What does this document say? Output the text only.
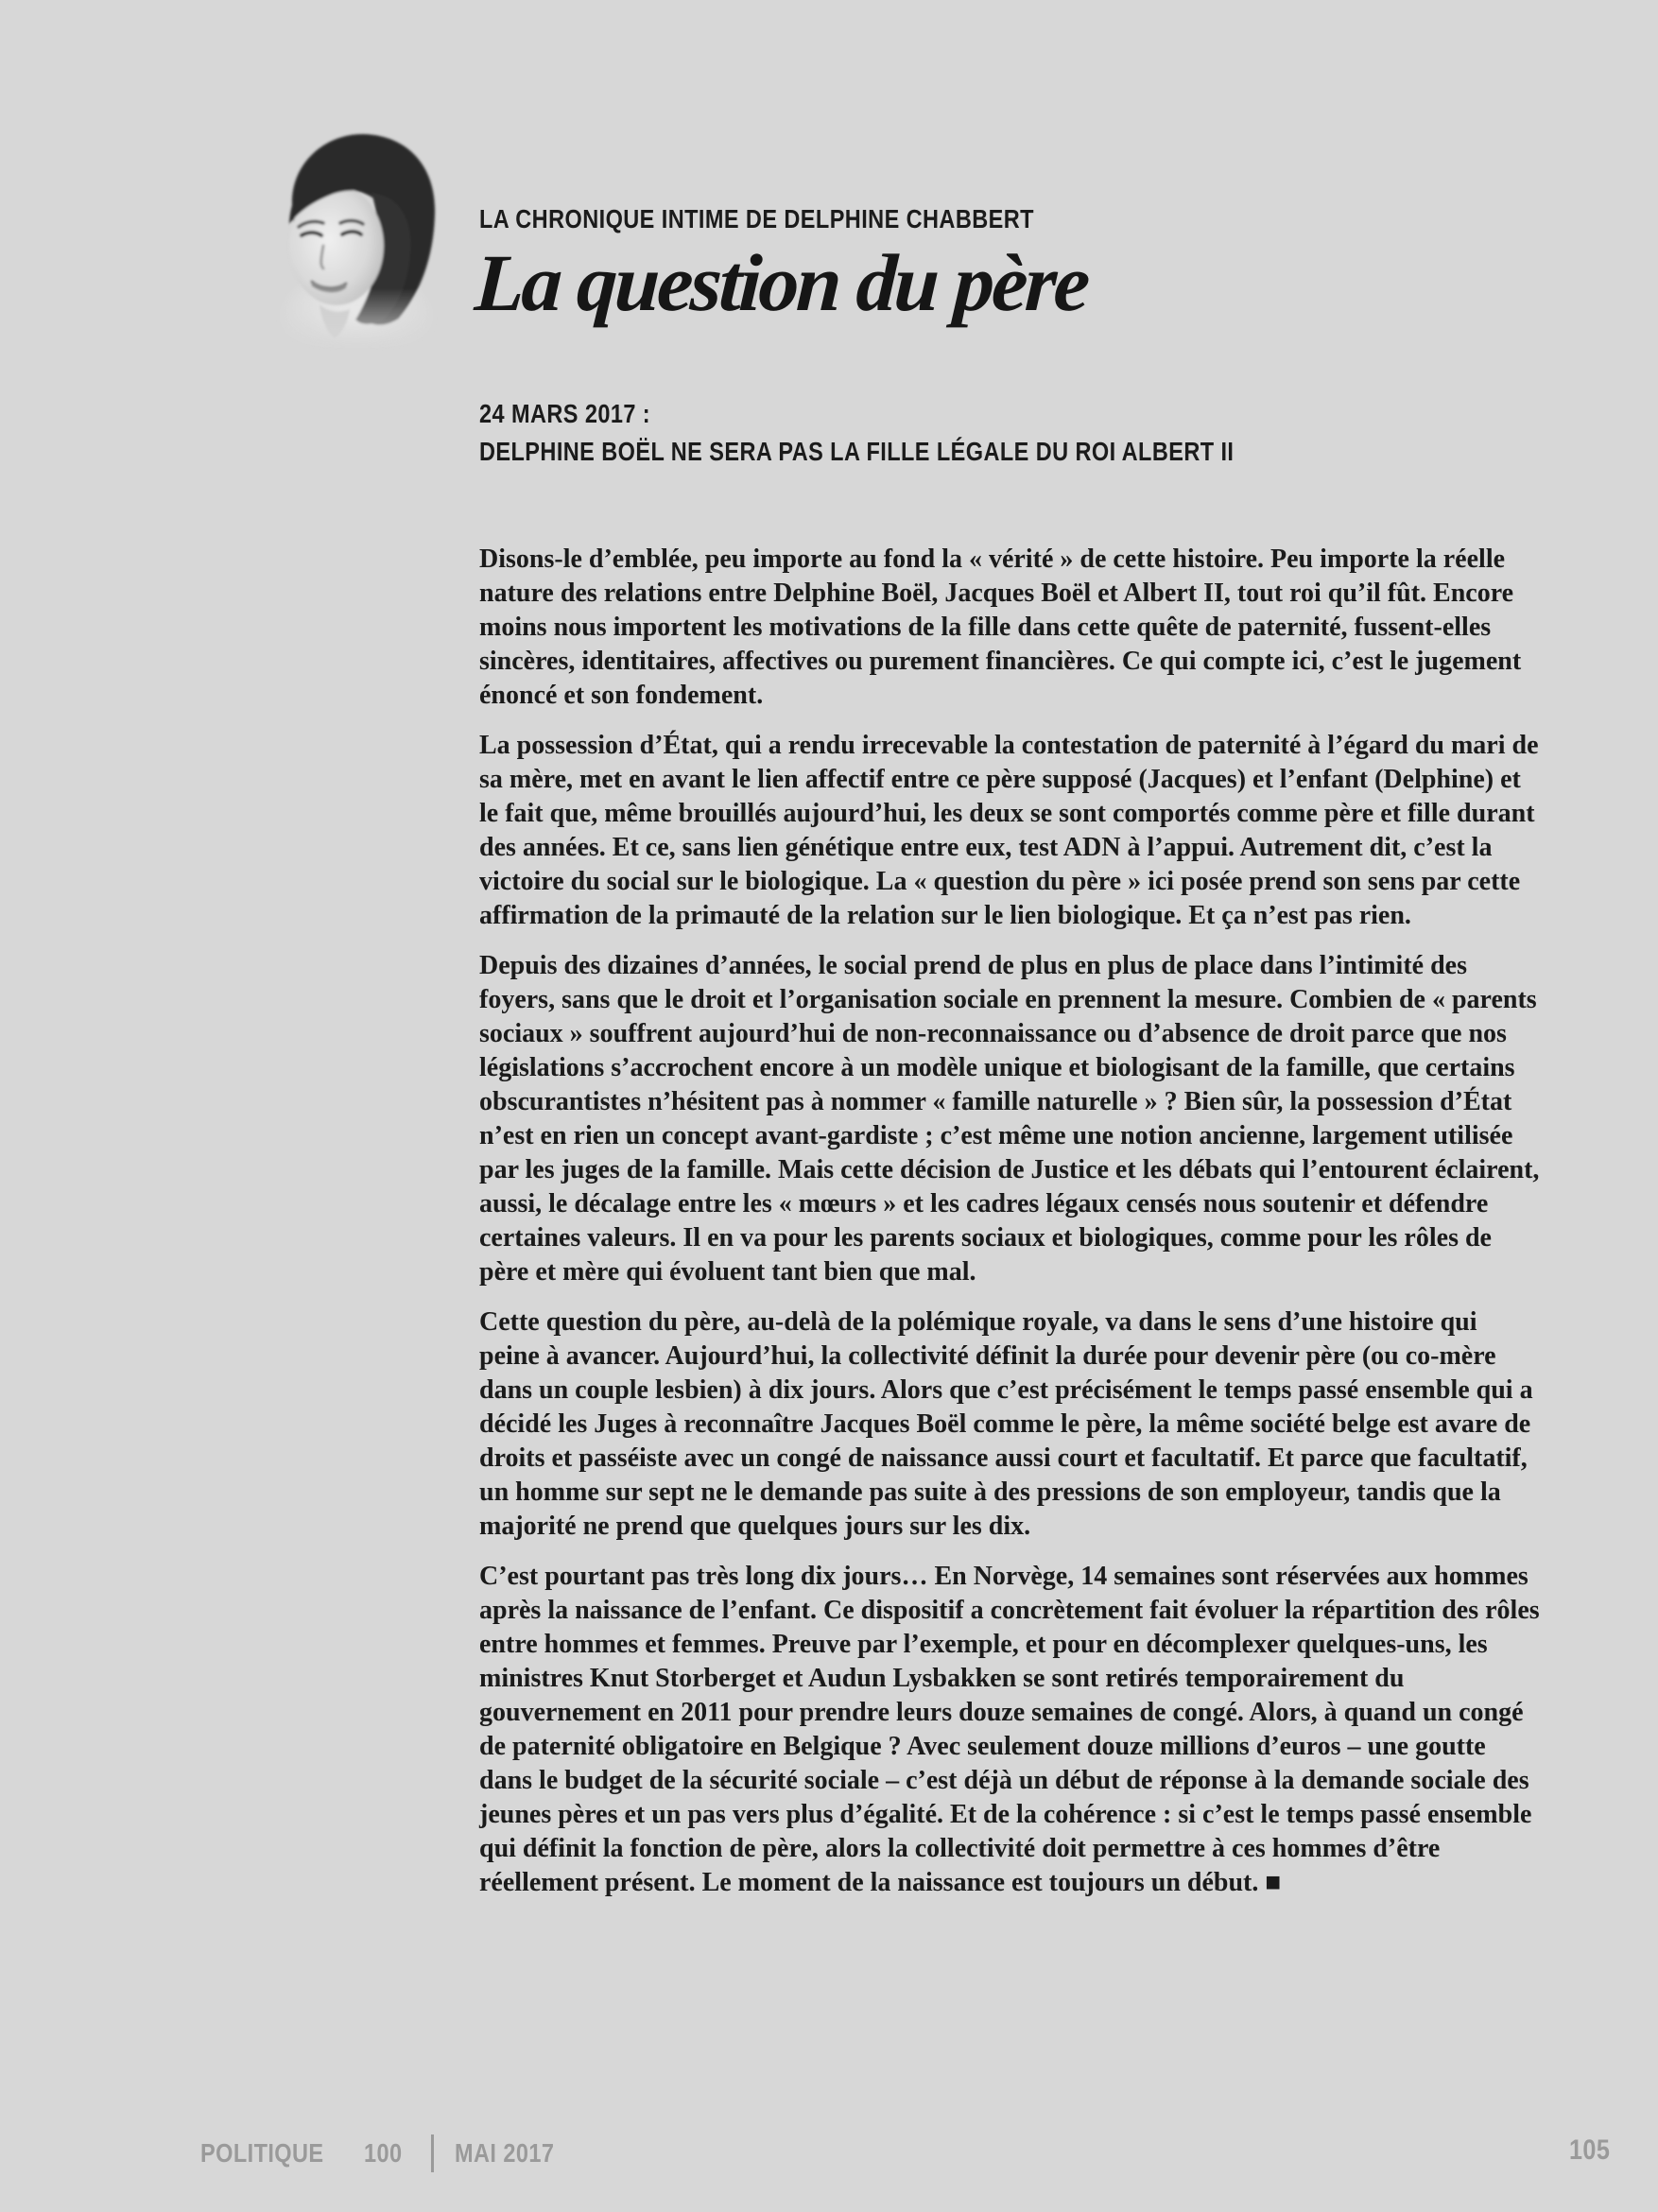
LA CHRONIQUE INTIME DE DELPHINE CHABBERT
La question du père
24 MARS 2017 :
DELPHINE BOËL NE SERA PAS LA FILLE LÉGALE DU ROI ALBERT II

Disons-le d’emblée, peu importe au fond la « vérité » de cette histoire. Peu importe la réelle nature des relations entre Delphine Boël, Jacques Boël et Albert II, tout roi qu’il fût. Encore moins nous importent les motivations de la fille dans cette quête de paternité, fussent-elles sincères, identitaires, affectives ou purement financières. Ce qui compte ici, c’est le jugement énoncé et son fondement.

La possession d’État, qui a rendu irrecevable la contestation de paternité à l’égard du mari de sa mère, met en avant le lien affectif entre ce père supposé (Jacques) et l’enfant (Delphine) et le fait que, même brouillés aujourd’hui, les deux se sont comportés comme père et fille durant des années. Et ce, sans lien génétique entre eux, test ADN à l’appui. Autrement dit, c’est la victoire du social sur le biologique. La « question du père » ici posée prend son sens par cette affirmation de la primauté de la relation sur le lien biologique. Et ça n’est pas rien.

Depuis des dizaines d’années, le social prend de plus en plus de place dans l’intimité des foyers, sans que le droit et l’organisation sociale en prennent la mesure. Combien de « parents sociaux » souffrent aujourd’hui de non-reconnaissance ou d’absence de droit parce que nos législations s’accrochent encore à un modèle unique et biologisant de la famille, que certains obscurantistes n’hésitent pas à nommer « famille naturelle » ? Bien sûr, la possession d’État n’est en rien un concept avant-gardiste ; c’est même une notion ancienne, largement utilisée par les juges de la famille. Mais cette décision de Justice et les débats qui l’entourent éclairent, aussi, le décalage entre les « mœurs » et les cadres légaux censés nous soutenir et défendre certaines valeurs. Il en va pour les parents sociaux et biologiques, comme pour les rôles de père et mère qui évoluent tant bien que mal.

Cette question du père, au-delà de la polémique royale, va dans le sens d’une histoire qui peine à avancer. Aujourd’hui, la collectivité définit la durée pour devenir père (ou co-mère dans un couple lesbien) à dix jours. Alors que c’est précisément le temps passé ensemble qui a décidé les Juges à reconnaître Jacques Boël comme le père, la même société belge est avare de droits et passéiste avec un congé de naissance aussi court et facultatif. Et parce que facultatif, un homme sur sept ne le demande pas suite à des pressions de son employeur, tandis que la majorité ne prend que quelques jours sur les dix.

C’est pourtant pas très long dix jours… En Norvège, 14 semaines sont réservées aux hommes après la naissance de l’enfant. Ce dispositif a concrètement fait évoluer la répartition des rôles entre hommes et femmes. Preuve par l’exemple, et pour en décomplexer quelques-uns, les ministres Knut Storberget et Audun Lysbakken se sont retirés temporairement du gouvernement en 2011 pour prendre leurs douze semaines de congé. Alors, à quand un congé de paternité obligatoire en Belgique ? Avec seulement douze millions d’euros – une goutte dans le budget de la sécurité sociale – c’est déjà un début de réponse à la demande sociale des jeunes pères et un pas vers plus d’égalité. Et de la cohérence : si c’est le temps passé ensemble qui définit la fonction de père, alors la collectivité doit permettre à ces hommes d’être réellement présent. Le moment de la naissance est toujours un début. ■

POLITIQUE 100 MAI 2017	105
